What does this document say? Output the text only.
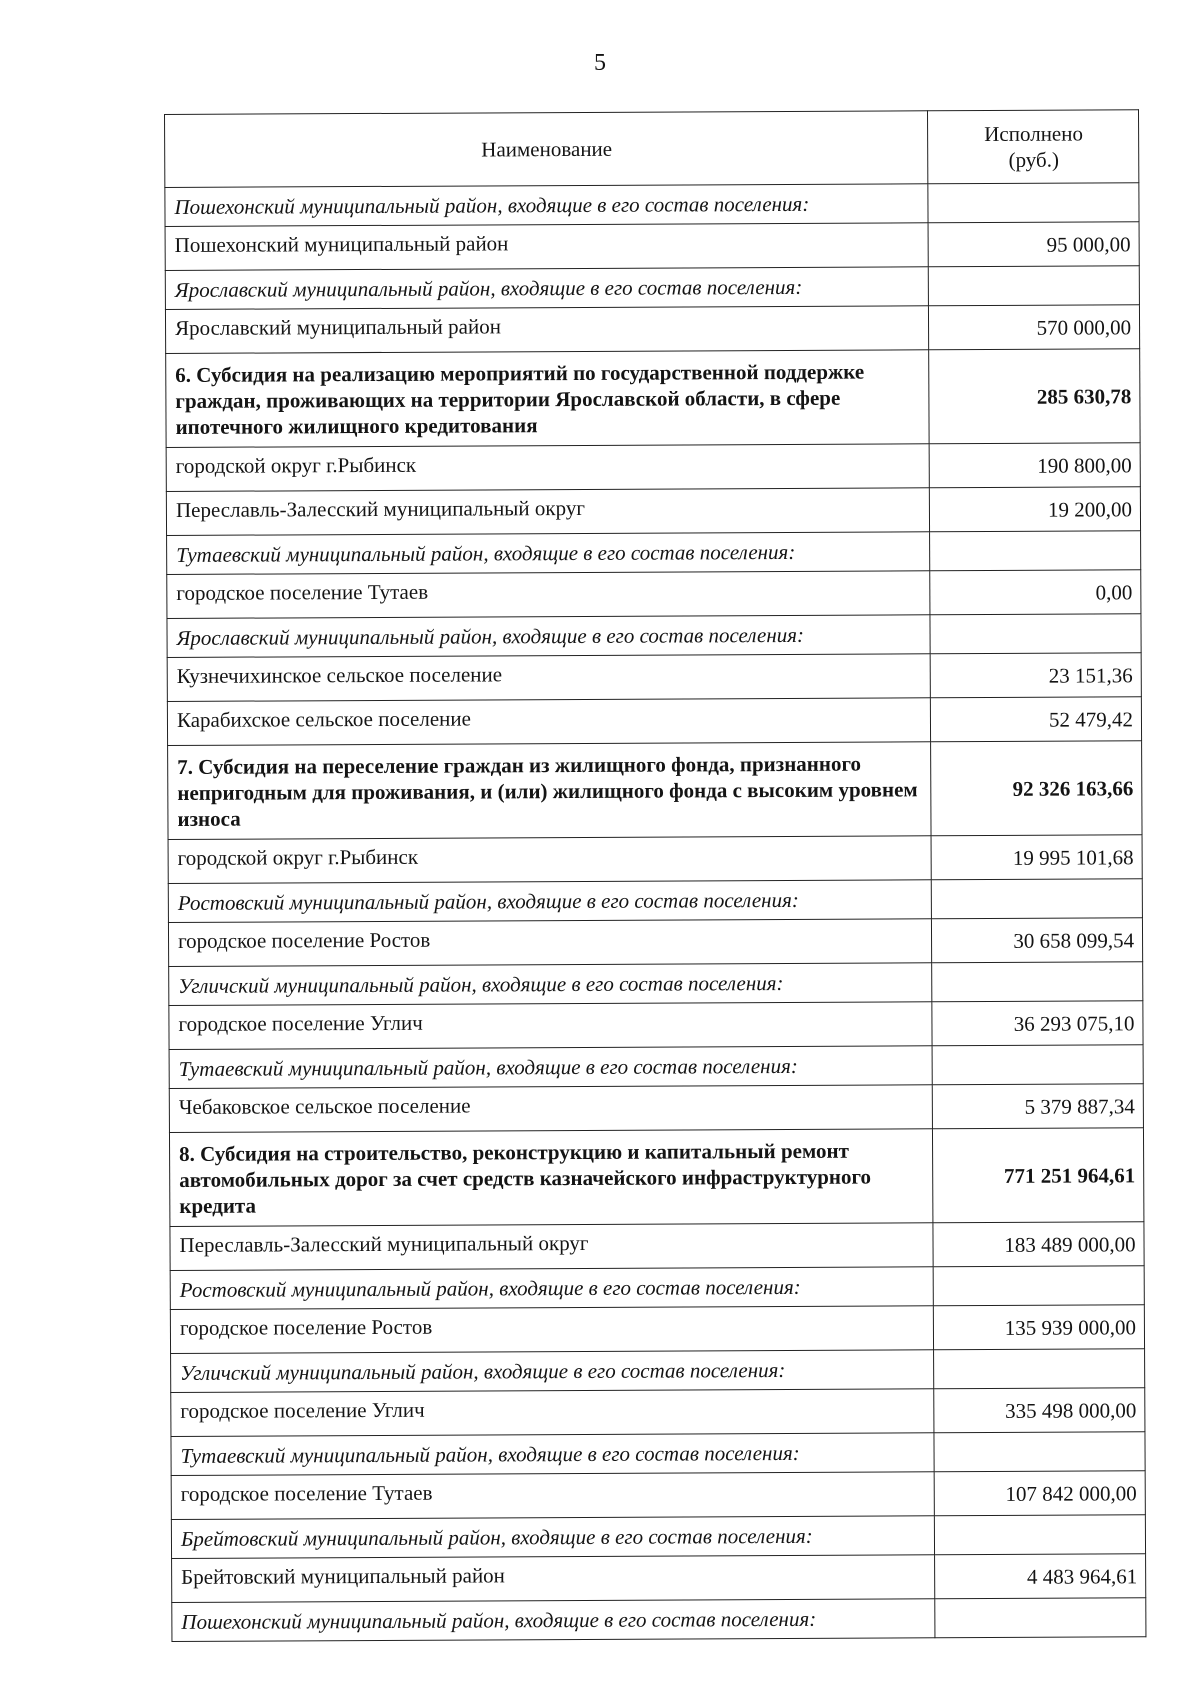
5
Наименование	Исполнено
(руб.)
Пошехонский муниципальный район, входящие в его состав поселения:	
Пошехонский муниципальный район	95 000,00
Ярославский муниципальный район, входящие в его состав поселения:	
Ярославский муниципальный район	570 000,00
6. Субсидия на реализацию мероприятий по государственной поддержке граждан, проживающих на территории Ярославской области, в сфере ипотечного жилищного кредитования	285 630,78
городской округ г.Рыбинск	190 800,00
Переславль-Залесский муниципальный округ	19 200,00
Тутаевский муниципальный район, входящие в его состав поселения:	
городское поселение Тутаев	0,00
Ярославский муниципальный район, входящие в его состав поселения:	
Кузнечихинское сельское поселение	23 151,36
Карабихское сельское поселение	52 479,42
7. Субсидия на переселение граждан из жилищного фонда, признанного непригодным для проживания, и (или) жилищного фонда с высоким уровнем износа	92 326 163,66
городской округ г.Рыбинск	19 995 101,68
Ростовский муниципальный район, входящие в его состав поселения:	
городское поселение Ростов	30 658 099,54
Угличский муниципальный район, входящие в его состав поселения:	
городское поселение Углич	36 293 075,10
Тутаевский муниципальный район, входящие в его состав поселения:	
Чебаковское сельское поселение	5 379 887,34
8. Субсидия на строительство, реконструкцию и капитальный ремонт автомобильных дорог за счет средств казначейского инфраструктурного кредита	771 251 964,61
Переславль-Залесский муниципальный округ	183 489 000,00
Ростовский муниципальный район, входящие в его состав поселения:	
городское поселение Ростов	135 939 000,00
Угличский муниципальный район, входящие в его состав поселения:	
городское поселение Углич	335 498 000,00
Тутаевский муниципальный район, входящие в его состав поселения:	
городское поселение Тутаев	107 842 000,00
Брейтовский муниципальный район, входящие в его состав поселения:	
Брейтовский муниципальный район	4 483 964,61
Пошехонский муниципальный район, входящие в его состав поселения:	
